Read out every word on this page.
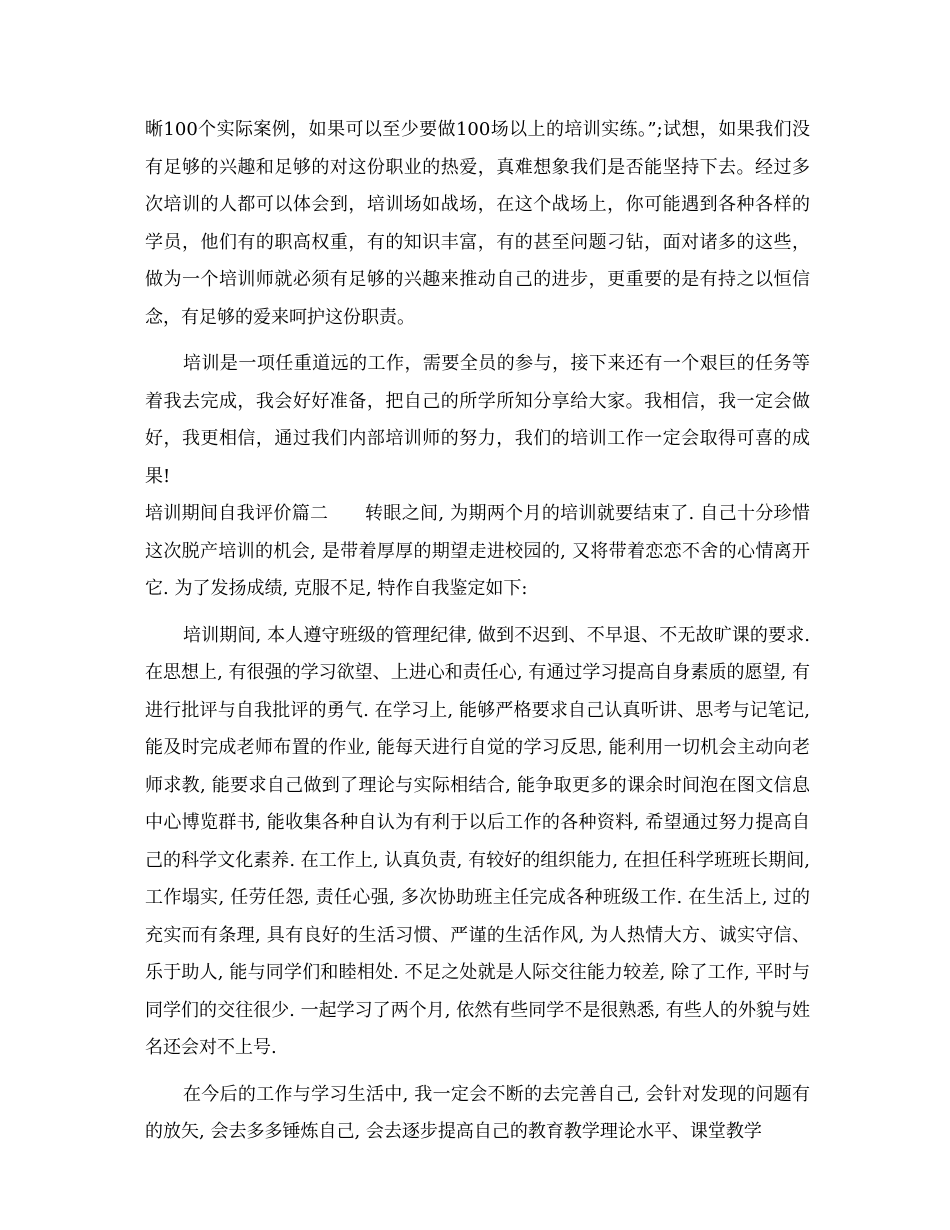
晰100个实际案例，如果可以至少要做100场以上的培训实练。”;试想，如果我们没有足够的兴趣和足够的对这份职业的热爱，真难想象我们是否能坚持下去。经过多次培训的人都可以体会到，培训场如战场，在这个战场上，你可能遇到各种各样的学员，他们有的职高权重，有的知识丰富，有的甚至问题刁钻，面对诸多的这些，做为一个培训师就必须有足够的兴趣来推动自己的进步，更重要的是有持之以恒信念，有足够的爱来呵护这份职责。

培训是一项任重道远的工作，需要全员的参与，接下来还有一个艰巨的任务等着我去完成，我会好好准备，把自己的所学所知分享给大家。我相信，我一定会做好，我更相信，通过我们内部培训师的努力，我们的培训工作一定会取得可喜的成果!

培训期间自我评价篇二　　转眼之间, 为期两个月的培训就要结束了. 自己十分珍惜这次脱产培训的机会, 是带着厚厚的期望走进校园的, 又将带着恋恋不舍的心情离开它. 为了发扬成绩, 克服不足, 特作自我鉴定如下:

培训期间, 本人遵守班级的管理纪律, 做到不迟到、不早退、不无故旷课的要求. 在思想上, 有很强的学习欲望、上进心和责任心, 有通过学习提高自身素质的愿望, 有进行批评与自我批评的勇气. 在学习上, 能够严格要求自己认真听讲、思考与记笔记, 能及时完成老师布置的作业, 能每天进行自觉的学习反思, 能利用一切机会主动向老师求教, 能要求自己做到了理论与实际相结合, 能争取更多的课余时间泡在图文信息中心博览群书, 能收集各种自认为有利于以后工作的各种资料, 希望通过努力提高自己的科学文化素养. 在工作上, 认真负责, 有较好的组织能力, 在担任科学班班长期间, 工作塌实, 任劳任怨, 责任心强, 多次协助班主任完成各种班级工作. 在生活上, 过的充实而有条理, 具有良好的生活习惯、严谨的生活作风, 为人热情大方、诚实守信、乐于助人, 能与同学们和睦相处. 不足之处就是人际交往能力较差, 除了工作, 平时与同学们的交往很少. 一起学习了两个月, 依然有些同学不是很熟悉, 有些人的外貌与姓名还会对不上号.

在今后的工作与学习生活中, 我一定会不断的去完善自己, 会针对发现的问题有的放矢, 会去多多锤炼自己, 会去逐步提高自己的教育教学理论水平、课堂教学
